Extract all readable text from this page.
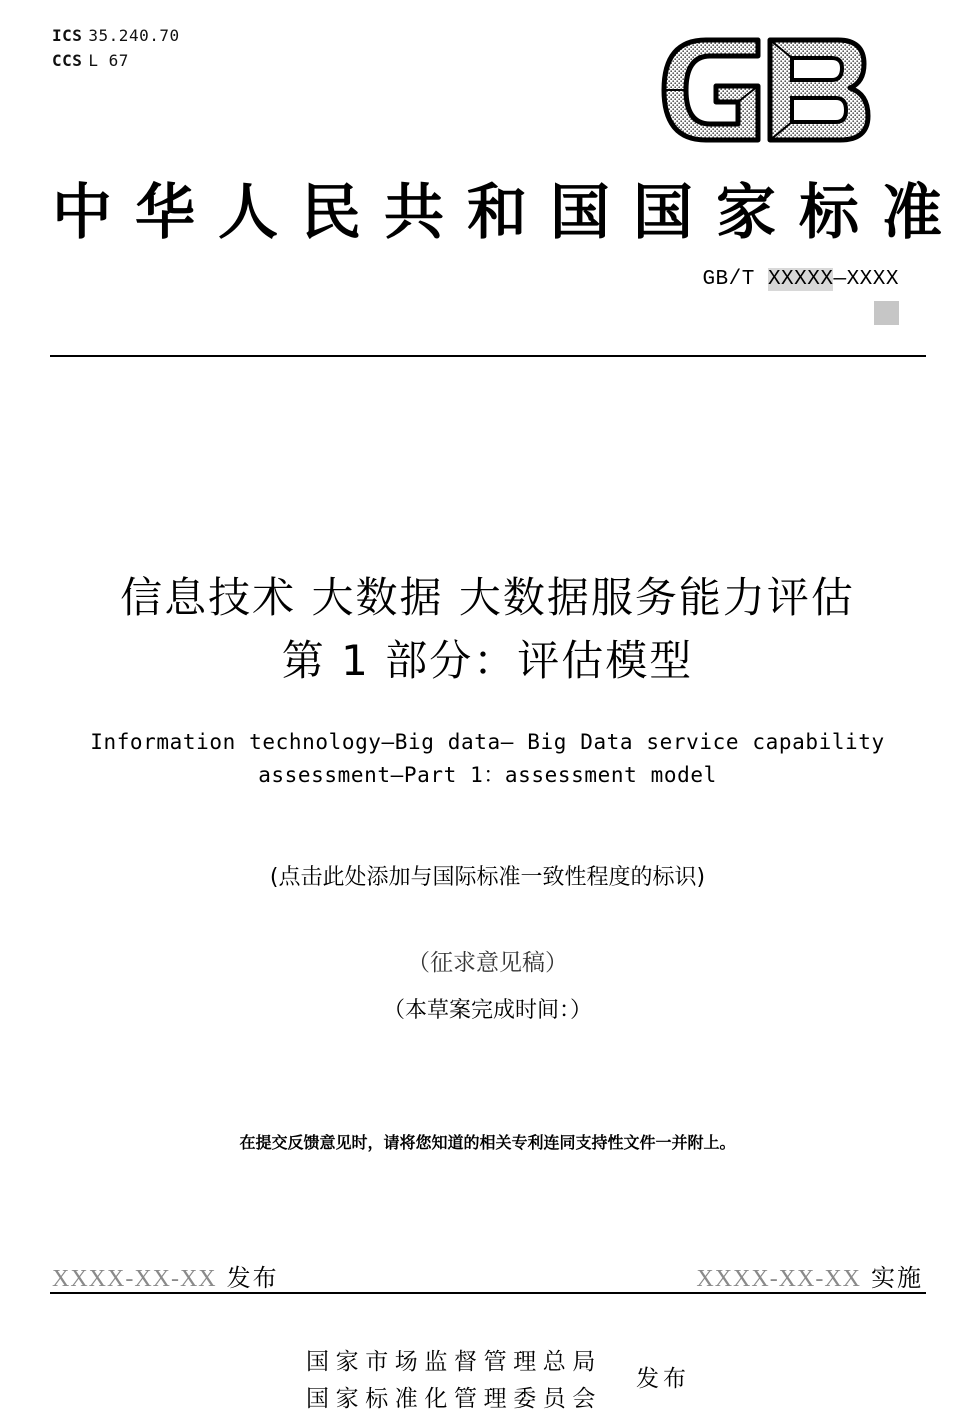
ICS 35.240.70
CCS L 67
中华人民共和国国家标准
GB/T XXXXX—XXXX
信息技术 大数据 大数据服务能力评估
第 1 部分：评估模型
Information technology–Big data– Big Data service capability
assessment–Part 1：assessment model
(点击此处添加与国际标准一致性程度的标识)
（征求意见稿）
（本草案完成时间：）
在提交反馈意见时，请将您知道的相关专利连同支持性文件一并附上。
XXXX-XX-XX 发布	XXXX-XX-XX 实施
国家市场监督管理总局
国家标准化管理委员会
发布
